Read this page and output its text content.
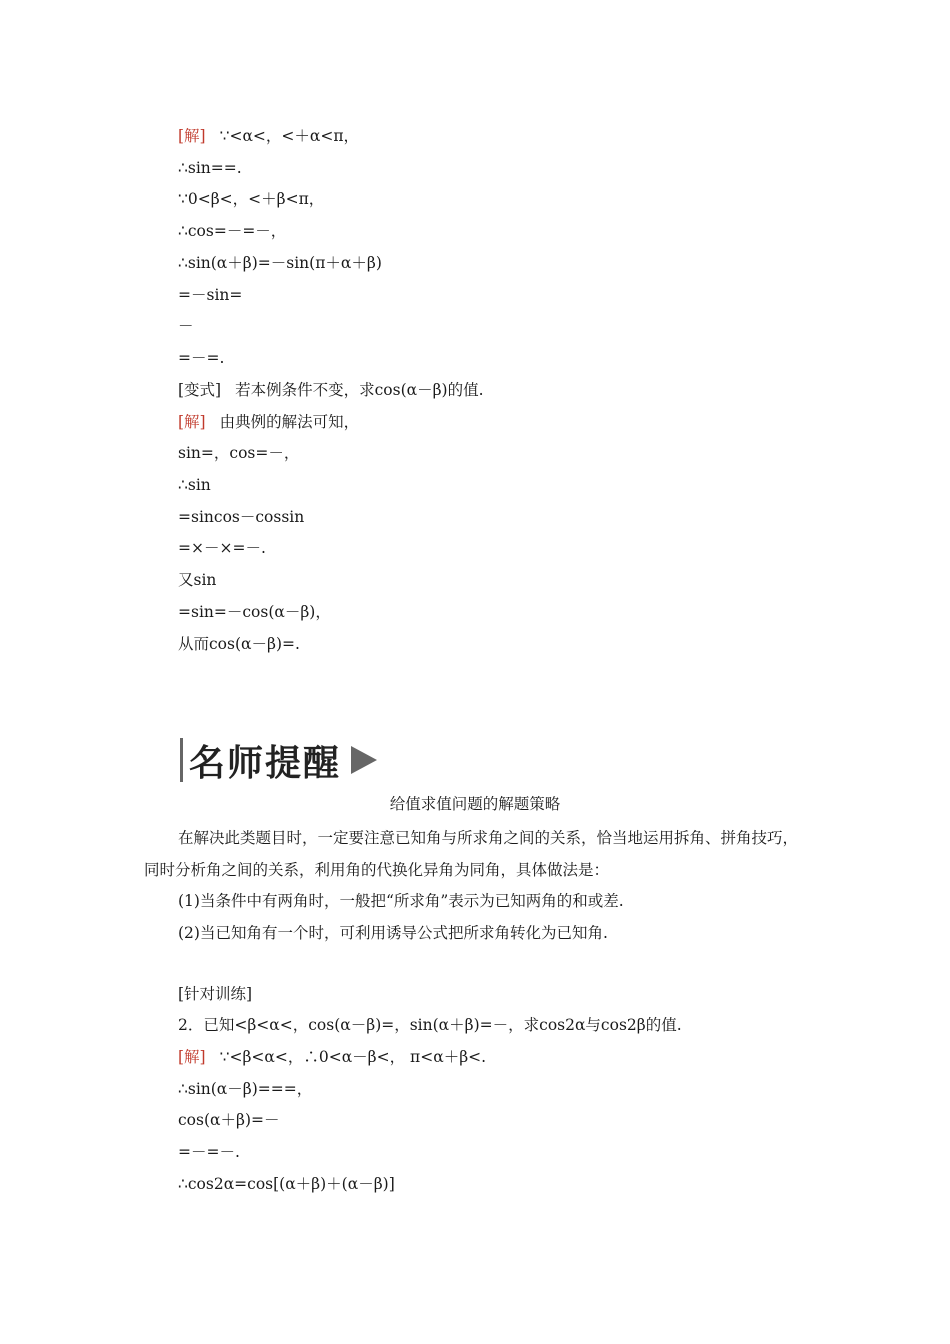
[解] ∵<α<，<＋α<π，
∴sin==.
∵0<β<，<＋β<π，
∴cos=－=－，
∴sin(α＋β)=－sin(π＋α＋β)
=－sin=
－
=－=.
[变式] 若本例条件不变，求cos(α－β)的值.
[解] 由典例的解法可知，
sin=，cos=－，
∴sin
=sincos－cossin
=×－×=－.
又sin
=sin=－cos(α－β)，
从而cos(α－β)=.
名师提醒
给值求值问题的解题策略
在解决此类题目时，一定要注意已知角与所求角之间的关系，恰当地运用拆角、拼角技巧，同时分析角之间的关系，利用角的代换化异角为同角，具体做法是：
(1)当条件中有两角时，一般把“所求角”表示为已知两角的和或差.
(2)当已知角有一个时，可利用诱导公式把所求角转化为已知角.
[针对训练]
2．已知<β<α<，cos(α－β)=，sin(α＋β)=－，求cos2α与cos2β的值.
[解] ∵<β<α<，∴0<α－β<， π<α＋β<.
∴sin(α－β)===，
cos(α＋β)=－
=－=－.
∴cos2α=cos[(α＋β)＋(α－β)]
